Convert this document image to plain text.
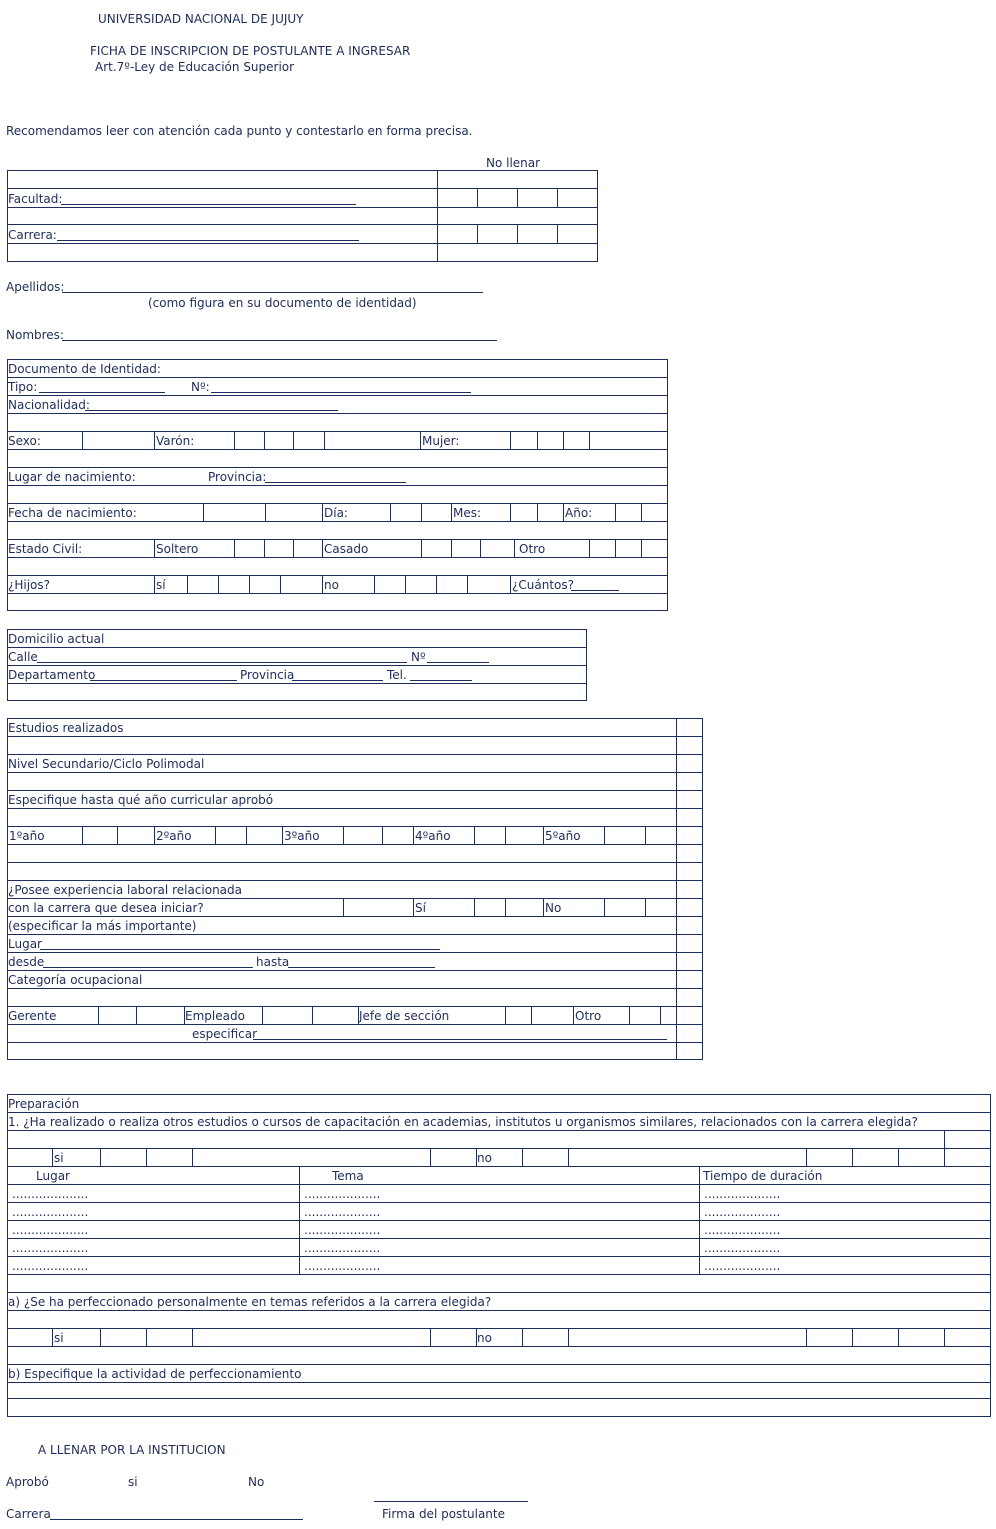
UNIVERSIDAD NACIONAL DE JUJUY
FICHA DE INSCRIPCION DE POSTULANTE A INGRESAR
Art.7º-Ley de Educación Superior
Recomendamos leer con atención cada punto y contestarlo en forma precisa.
No llenar
Facultad:
Carrera:
Apellidos:
(como figura en su documento de identidad)
Nombres:
Documento de Identidad:
Tipo:	Nº:
Nacionalidad:
Sexo:	Varón:	Mujer:
Lugar de nacimiento:	Provincia:
Fecha de nacimiento:	Día:	Mes:	Año:
Estado Civil:	Soltero	Casado	Otro
¿Hijos?	sí	no	¿Cuántos?
Domicilio actual
Calle	Nº
Departamento	Provincia	Tel.
Estudios realizados
Nivel Secundario/Ciclo Polimodal
Especifique hasta qué año curricular aprobó
1ºaño	2ºaño	3ºaño	4ºaño	5ºaño
¿Posee experiencia laboral relacionada
con la carrera que desea iniciar?	Sí	No
(especificar la más importante)
Lugar
desde	hasta
Categoría ocupacional
Gerente	Empleado	Jefe de sección	Otro
especificar
Preparación
1. ¿Ha realizado o realiza otros estudios o cursos de capacitación en academias, institutos u organismos similares, relacionados con la carrera elegida?
si	no
Lugar	Tema	Tiempo de duración
....................	....................	....................
....................	....................	....................
....................	....................	....................
....................	....................	....................
....................	....................	....................
a) ¿Se ha perfeccionado personalmente en temas referidos a la carrera elegida?
si	no
b) Especifique la actividad de perfeccionamiento
A LLENAR POR LA INSTITUCION
Aprobó	si	No
Carrera	Firma del postulante
